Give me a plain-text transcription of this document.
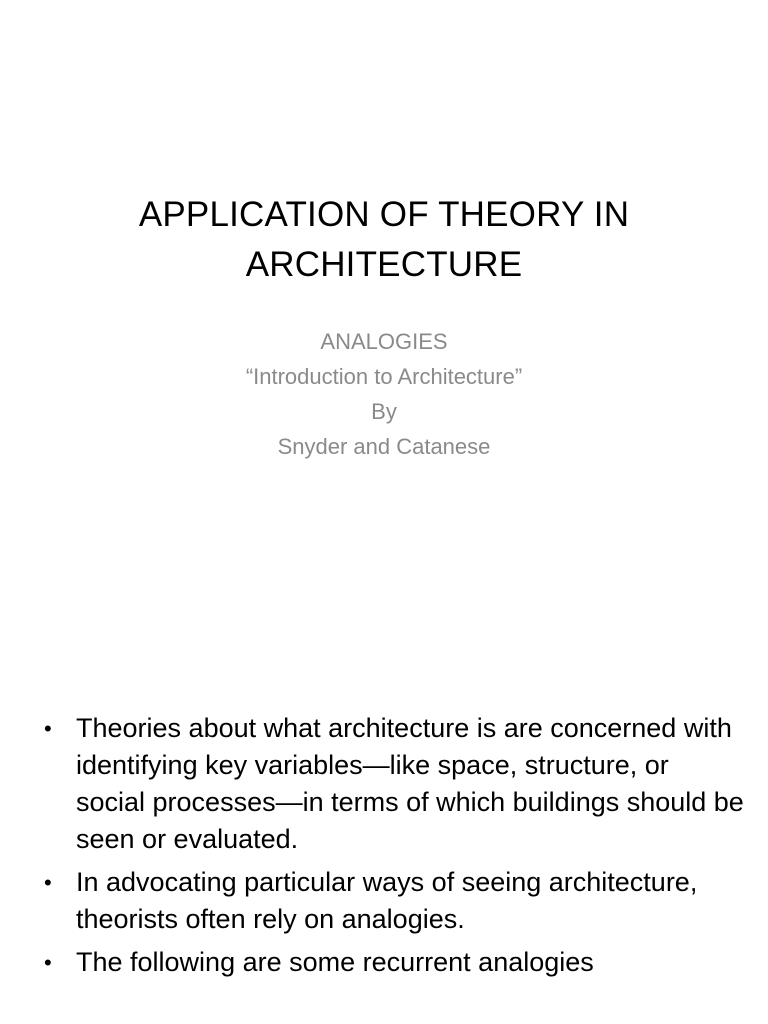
APPLICATION OF THEORY IN
ARCHITECTURE
ANALOGIES
“Introduction to Architecture”
By
Snyder and Catanese
• Theories about what architecture is are concerned with identifying key variables—like space, structure, or social processes—in terms of which buildings should be seen or evaluated.
• In advocating particular ways of seeing architecture, theorists often rely on analogies.
• The following are some recurrent analogies
